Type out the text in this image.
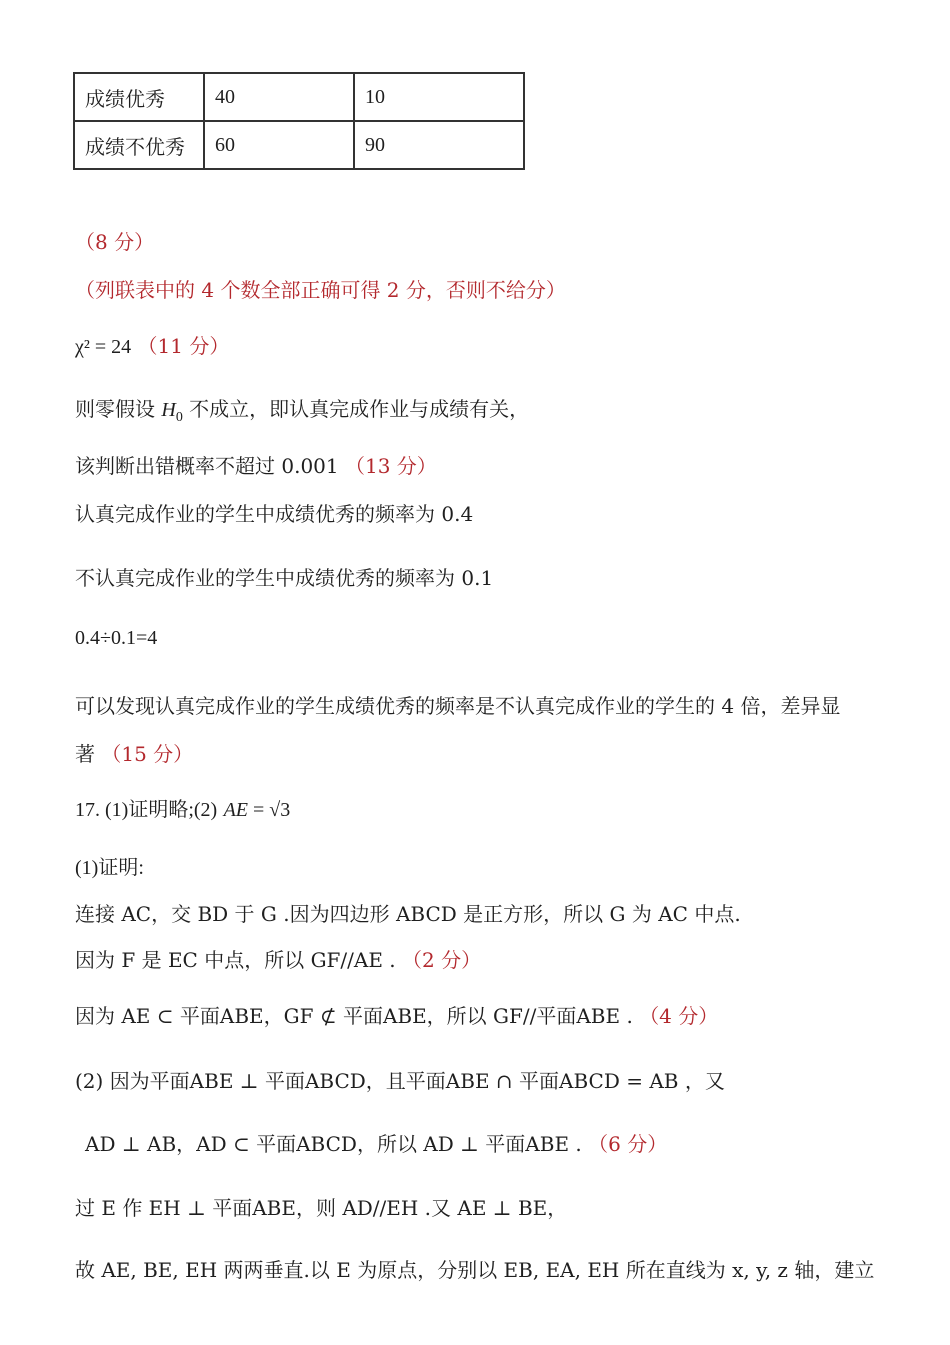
成绩优秀	40	10
成绩不优秀	60	90
（8 分）
（列联表中的 4 个数全部正确可得 2 分，否则不给分）
χ² = 24 （11 分）
则零假设 $H_0$ 不成立，即认真完成作业与成绩有关，
该判断出错概率不超过 0.001 （13 分）
认真完成作业的学生中成绩优秀的频率为 0.4
不认真完成作业的学生中成绩优秀的频率为 0.1
0.4÷0.1=4
可以发现认真完成作业的学生成绩优秀的频率是不认真完成作业的学生的 4 倍，差异显
著 （15 分）
17. (1)证明略;(2) AE = √3
(1)证明:
连接 AC，交 BD 于 G .因为四边形 ABCD 是正方形，所以 G 为 AC 中点.
因为 F 是 EC 中点，所以 GF//AE . （2 分）
因为 AE ⊂ 平面ABE，GF ⊄ 平面ABE，所以 GF//平面ABE . （4 分）
(2) 因为平面ABE ⊥ 平面ABCD，且平面ABE ∩ 平面ABCD = AB ，又
AD ⊥ AB，AD ⊂ 平面ABCD，所以 AD ⊥ 平面ABE . （6 分）
过 E 作 EH ⊥ 平面ABE，则 AD//EH .又 AE ⊥ BE，
故 AE, BE, EH 两两垂直.以 E 为原点，分别以 EB, EA, EH 所在直线为 x, y, z 轴，建立
